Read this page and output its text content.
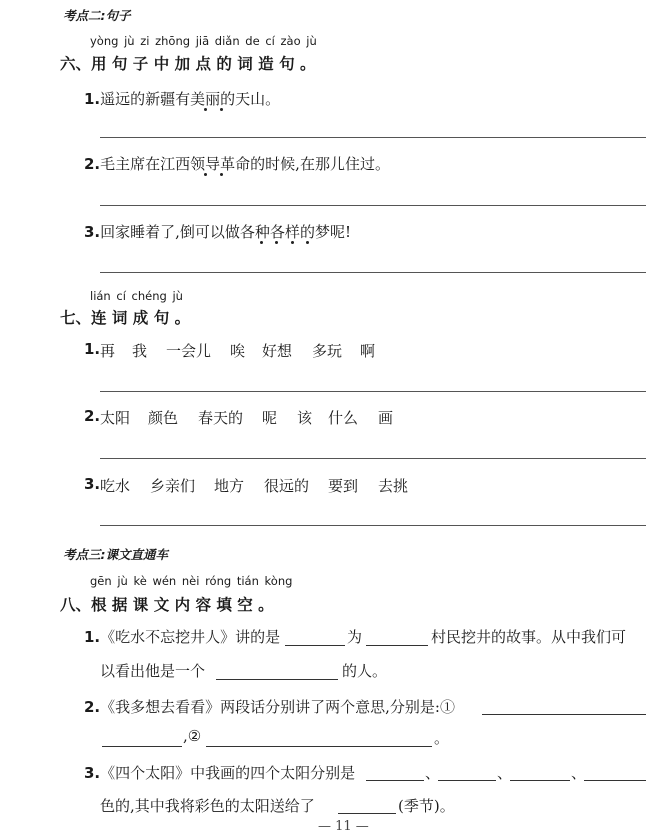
考点二:句子
yòng jù zi zhōng jiā diǎn de cí zào jù
六、用 句 子 中 加 点 的 词 造 句 。
1.遥远的新疆有美丽的天山。
2.毛主席在江西领导革命的时候,在那儿住过。
3.回家睡着了,倒可以做各种各样的梦呢!
lián cí chéng jù
七、连 词 成 句 。
1. 再 我 一会儿 唉 好想 多玩 啊
2. 太阳 颜色 春天的 呢 该 什么 画
3. 吃水 乡亲们 地方 很远的 要到 去挑
考点三:课文直通车
gēn jù kè wén nèi róng tián kòng
八、根 据 课 文 内 容 填 空 。
1.《吃水不忘挖井人》讲的是	为	村民挖井的故事。从中我们可
以看出他是一个	的人。
2.《我多想去看看》两段话分别讲了两个意思,分别是:①
,②	。
3.《四个太阳》中我画的四个太阳分别是	、	、	、
色的,其中我将彩色的太阳送给了	(季节)。
— 11 —
